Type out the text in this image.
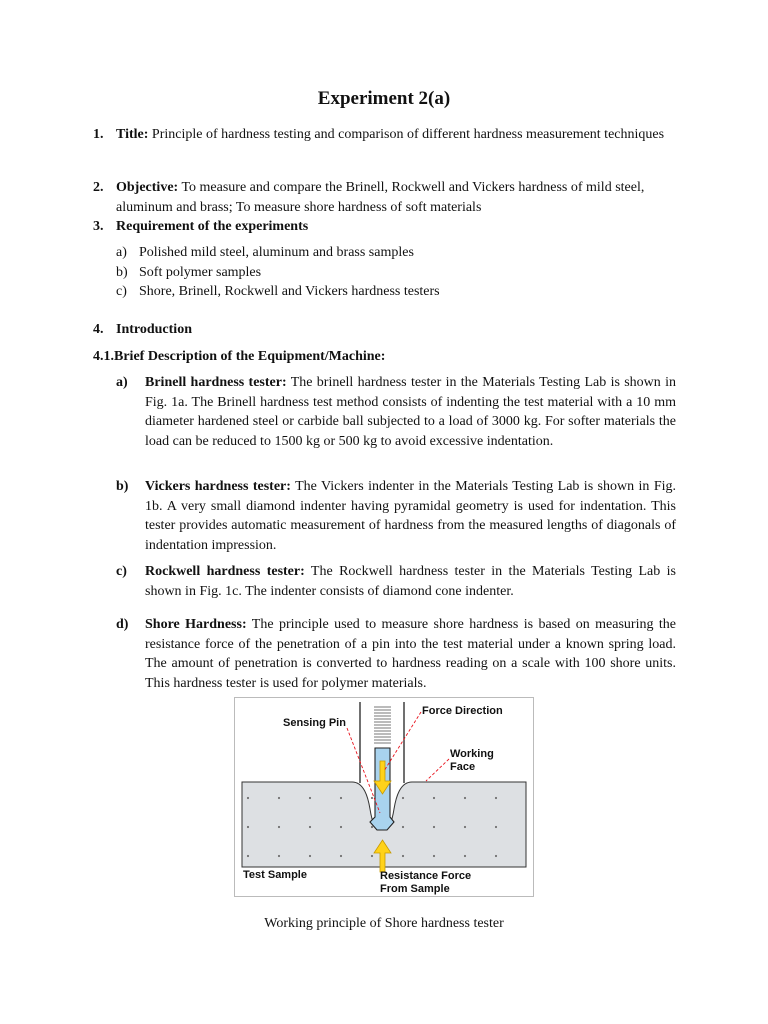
Experiment 2(a)
1. Title: Principle of hardness testing and comparison of different hardness measurement techniques
2. Objective: To measure and compare the Brinell, Rockwell and Vickers hardness of mild steel, aluminum and brass; To measure shore hardness of soft materials
3. Requirement of the experiments
a) Polished mild steel, aluminum and brass samples
b) Soft polymer samples
c) Shore, Brinell, Rockwell and Vickers hardness testers
4. Introduction
4.1.Brief Description of the Equipment/Machine:
a) Brinell hardness tester: The brinell hardness tester in the Materials Testing Lab is shown in Fig. 1a. The Brinell hardness test method consists of indenting the test material with a 10 mm diameter hardened steel or carbide ball subjected to a load of 3000 kg. For softer materials the load can be reduced to 1500 kg or 500 kg to avoid excessive indentation.
b) Vickers hardness tester: The Vickers indenter in the Materials Testing Lab is shown in Fig. 1b. A very small diamond indenter having pyramidal geometry is used for indentation. This tester provides automatic measurement of hardness from the measured lengths of diagonals of indentation impression.
c) Rockwell hardness tester: The Rockwell hardness tester in the Materials Testing Lab is shown in Fig. 1c. The indenter consists of diamond cone indenter.
d) Shore Hardness: The principle used to measure shore hardness is based on measuring the resistance force of the penetration of a pin into the test material under a known spring load. The amount of penetration is converted to hardness reading on a scale with 100 shore units. This hardness tester is used for polymer materials.
Sensing Pin
Force Direction
Working
Face
Test Sample	Resistance Force
From Sample
Working principle of Shore hardness tester
